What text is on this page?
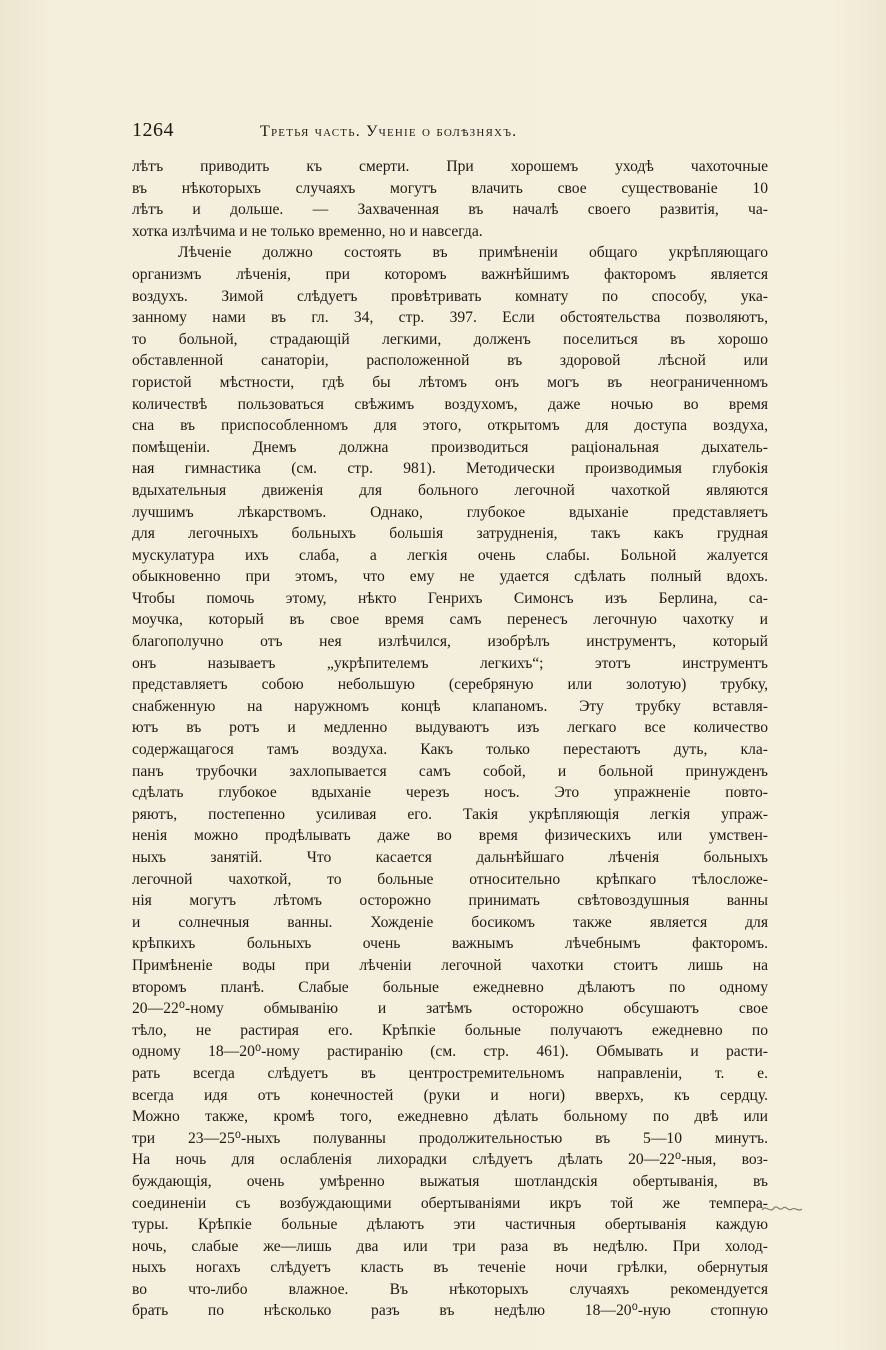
1264	Третья часть. Ученіе о болѣзняхъ.
лѣтъ приводить къ смерти. При хорошемъ уходѣ чахоточные
въ нѣкоторыхъ случаяхъ могутъ влачить свое существованіе 10
лѣтъ и дольше. — Захваченная въ началѣ своего развитія, ча-
хотка излѣчима и не только временно, но и навсегда.
Лѣченіе должно состоять въ примѣненіи общаго укрѣпляющаго
организмъ лѣченія, при которомъ важнѣйшимъ факторомъ является
воздухъ. Зимой слѣдуетъ провѣтривать комнату по способу, ука-
занному нами въ гл. 34, стр. 397. Если обстоятельства позволяютъ,
то больной, страдающій легкими, долженъ поселиться въ хорошо
обставленной санаторіи, расположенной въ здоровой лѣсной или
гористой мѣстности, гдѣ бы лѣтомъ онъ могъ въ неограниченномъ
количествѣ пользоваться свѣжимъ воздухомъ, даже ночью во время
сна въ приспособленномъ для этого, открытомъ для доступа воздуха,
помѣщеніи. Днемъ должна производиться раціональная дыхатель-
ная гимнастика (см. стр. 981). Методически производимыя глубокія
вдыхательныя движенія для больного легочной чахоткой являются
лучшимъ лѣкарствомъ. Однако, глубокое вдыханіе представляетъ
для легочныхъ больныхъ большія затрудненія, такъ какъ грудная
мускулатура ихъ слаба, а легкія очень слабы. Больной жалуется
обыкновенно при этомъ, что ему не удается сдѣлать полный вдохъ.
Чтобы помочь этому, нѣкто Генрихъ Симонсъ изъ Берлина, са-
моучка, который въ свое время самъ перенесъ легочную чахотку и
благополучно отъ нея излѣчился, изобрѣлъ инструментъ, который
онъ называетъ „укрѣпителемъ легкихъ“; этотъ инструментъ
представляетъ собою небольшую (серебряную или золотую) трубку,
снабженную на наружномъ концѣ клапаномъ. Эту трубку вставля-
ютъ въ ротъ и медленно выдуваютъ изъ легкаго все количество
содержащагося тамъ воздуха. Какъ только перестаютъ дуть, кла-
панъ трубочки захлопывается самъ собой, и больной принужденъ
сдѣлать глубокое вдыханіе черезъ носъ. Это упражненіе повто-
ряютъ, постепенно усиливая его. Такія укрѣпляющія легкія упраж-
ненія можно продѣлывать даже во время физическихъ или умствен-
ныхъ занятій. Что касается дальнѣйшаго лѣченія больныхъ
легочной чахоткой, то больные относительно крѣпкаго тѣлосложе-
нія могутъ лѣтомъ осторожно принимать свѣтовоздушныя ванны
и солнечныя ванны. Хожденіе босикомъ также является для
крѣпкихъ больныхъ очень важнымъ лѣчебнымъ факторомъ.
Примѣненіе воды при лѣченіи легочной чахотки стоитъ лишь на
второмъ планѣ. Слабые больные ежедневно дѣлаютъ по одному
20—22⁰-ному обмыванію и затѣмъ осторожно обсушаютъ свое
тѣло, не растирая его. Крѣпкіе больные получаютъ ежедневно по
одному 18—20⁰-ному растиранію (см. стр. 461). Обмывать и расти-
рать всегда слѣдуетъ въ центростремительномъ направленіи, т. е.
всегда идя отъ конечностей (руки и ноги) вверхъ, къ сердцу.
Можно также, кромѣ того, ежедневно дѣлать больному по двѣ или
три 23—25⁰-ныхъ полуванны продолжительностью въ 5—10 минутъ.
На ночь для ослабленія лихорадки слѣдуетъ дѣлать 20—22⁰-ныя, воз-
буждающія, очень умѣренно выжатыя шотландскія обертыванія, въ
соединеніи съ возбуждающими обертываніями икръ той же темпера-
туры. Крѣпкіе больные дѣлаютъ эти частичныя обертыванія каждую
ночь, слабые же—лишь два или три раза въ недѣлю. При холод-
ныхъ ногахъ слѣдуетъ класть въ теченіе ночи грѣлки, обернутыя
во что-либо влажное. Въ нѣкоторыхъ случаяхъ рекомендуется
брать по нѣсколько разъ въ недѣлю 18—20⁰-ную стопную
